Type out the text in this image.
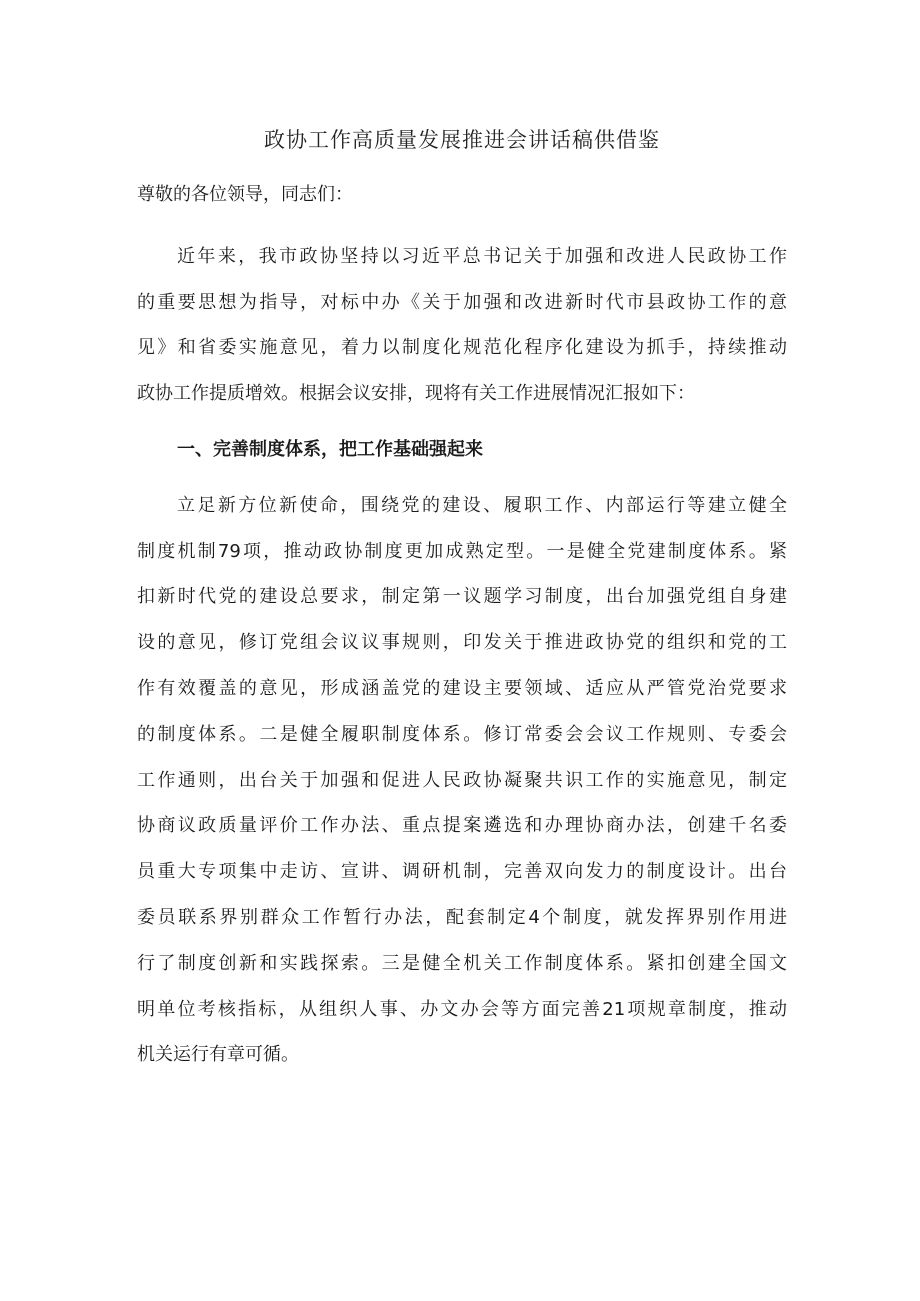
政协工作高质量发展推进会讲话稿供借鉴

尊敬的各位领导，同志们：

近年来，我市政协坚持以习近平总书记关于加强和改进人民政协工作

的重要思想为指导，对标中办《关于加强和改进新时代市县政协工作的意

见》和省委实施意见，着力以制度化规范化程序化建设为抓手，持续推动

政协工作提质增效。根据会议安排，现将有关工作进展情况汇报如下：

一、完善制度体系，把工作基础强起来

立足新方位新使命，围绕党的建设、履职工作、内部运行等建立健全

制度机制79项，推动政协制度更加成熟定型。一是健全党建制度体系。紧

扣新时代党的建设总要求，制定第一议题学习制度，出台加强党组自身建

设的意见，修订党组会议议事规则，印发关于推进政协党的组织和党的工

作有效覆盖的意见，形成涵盖党的建设主要领域、适应从严管党治党要求

的制度体系。二是健全履职制度体系。修订常委会会议工作规则、专委会

工作通则，出台关于加强和促进人民政协凝聚共识工作的实施意见，制定

协商议政质量评价工作办法、重点提案遴选和办理协商办法，创建千名委

员重大专项集中走访、宣讲、调研机制，完善双向发力的制度设计。出台

委员联系界别群众工作暂行办法，配套制定4个制度，就发挥界别作用进

行了制度创新和实践探索。三是健全机关工作制度体系。紧扣创建全国文

明单位考核指标，从组织人事、办文办会等方面完善21项规章制度，推动

机关运行有章可循。
